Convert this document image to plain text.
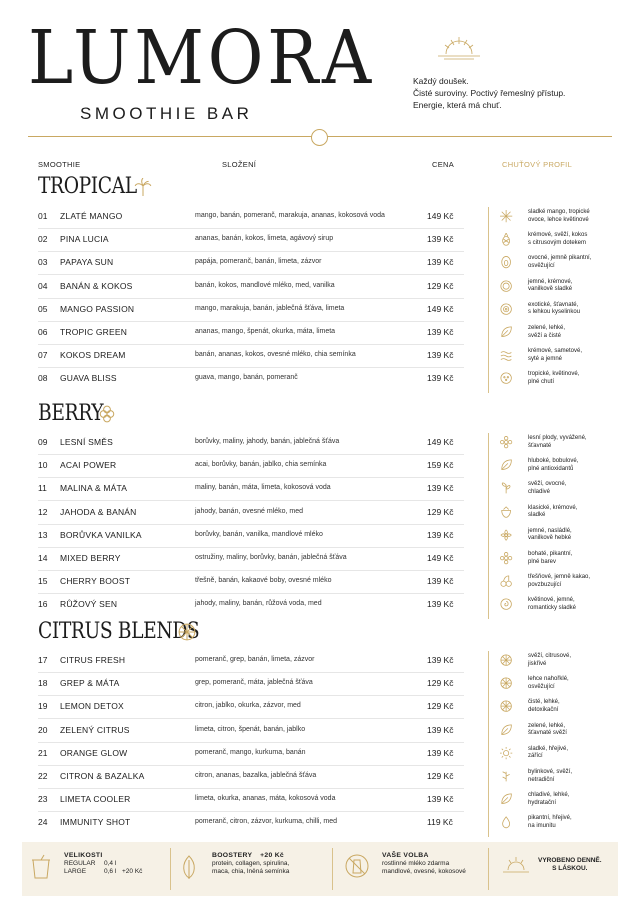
LUMORA
SMOOTHIE BAR
Každý doušek.
Čisté suroviny. Poctivý řemeslný přístup.
Energie, která má chuť.
SMOOTHIE	SLOŽENÍ	CENA	CHUŤOVÝ PROFIL
TROPICAL
01 ZLATÉ MANGO	mango, banán, pomeranč, marakuja, ananas, kokosová voda	149 Kč	sladké mango, tropické
ovoce, lehce květinové
02 PINA LUCIA	ananas, banán, kokos, limeta, agávový sirup	139 Kč	krémové, svěží, kokos
s citrusovým dotekem
03 PAPAYA SUN	papája, pomeranč, banán, limeta, zázvor	139 Kč	ovocné, jemně pikantní,
osvěžující
04 BANÁN & KOKOS	banán, kokos, mandlové mléko, med, vanilka	129 Kč	jemné, krémové,
vanilkově sladké
05 MANGO PASSION	mango, marakuja, banán, jablečná šťáva, limeta	149 Kč	exotické, šťavnaté,
s lehkou kyselinkou
06 TROPIC GREEN	ananas, mango, špenát, okurka, máta, limeta	139 Kč	zelené, lehké,
svěží a čisté
07 KOKOS DREAM	banán, ananas, kokos, ovesné mléko, chia semínka	139 Kč	krémové, sametové,
syté a jemné
08 GUAVA BLISS	guava, mango, banán, pomeranč	139 Kč	tropické, květinové,
plné chutí
BERRY
09 LESNÍ SMĚS	borůvky, maliny, jahody, banán, jablečná šťáva	149 Kč	lesní plody, vyvážené,
šťavnaté
10 ACAI POWER	acai, borůvky, banán, jablko, chia semínka	159 Kč	hluboké, bobulové,
plné antioxidantů
11 MALINA & MÁTA	maliny, banán, máta, limeta, kokosová voda	139 Kč	svěží, ovocné,
chladivé
12 JAHODA & BANÁN	jahody, banán, ovesné mléko, med	129 Kč	klasické, krémové,
sladké
13 BORŮVKA VANILKA	borůvky, banán, vanilka, mandlové mléko	139 Kč	jemné, nasládlé,
vanilkově hebké
14 MIXED BERRY	ostružiny, maliny, borůvky, banán, jablečná šťáva	149 Kč	bohaté, pikantní,
plné barev
15 CHERRY BOOST	třešně, banán, kakaové boby, ovesné mléko	139 Kč	třešňové, jemně kakao,
povzbuzující
16 RŮŽOVÝ SEN	jahody, maliny, banán, růžová voda, med	139 Kč	květinové, jemné,
romanticky sladké
CITRUS BLENDS
17 CITRUS FRESH	pomeranč, grep, banán, limeta, zázvor	139 Kč	svěží, citrusové,
jiskřivé
18 GREP & MÁTA	grep, pomeranč, máta, jablečná šťáva	129 Kč	lehce nahořklé,
osvěžující
19 LEMON DETOX	citron, jablko, okurka, zázvor, med	129 Kč	čisté, lehké,
detoxikační
20 ZELENÝ CITRUS	limeta, citron, špenát, banán, jablko	139 Kč	zelené, lehké,
šťavnaté svěží
21 ORANGE GLOW	pomeranč, mango, kurkuma, banán	139 Kč	sladké, hřejivé,
zářící
22 CITRON & BAZALKA	citron, ananas, bazalka, jablečná šťáva	129 Kč	bylinkové, svěží,
netradiční
23 LIMETA COOLER	limeta, okurka, ananas, máta, kokosová voda	139 Kč	chladivé, lehké,
hydratační
24 IMMUNITY SHOT	pomeranč, citron, zázvor, kurkuma, chilli, med	119 Kč	pikantní, hřejivé,
na imunitu
VELIKOSTI
REGULAR 0,4 l
LARGE	0,6 l +20 Kč
BOOSTERY +20 Kč
protein, collagen, spirulina,
maca, chia, lněná semínka
VAŠE VOLBA
rostlinné mléko zdarma
mandlové, ovesné, kokosové
VYROBENO DENNĚ.
S LÁSKOU.
